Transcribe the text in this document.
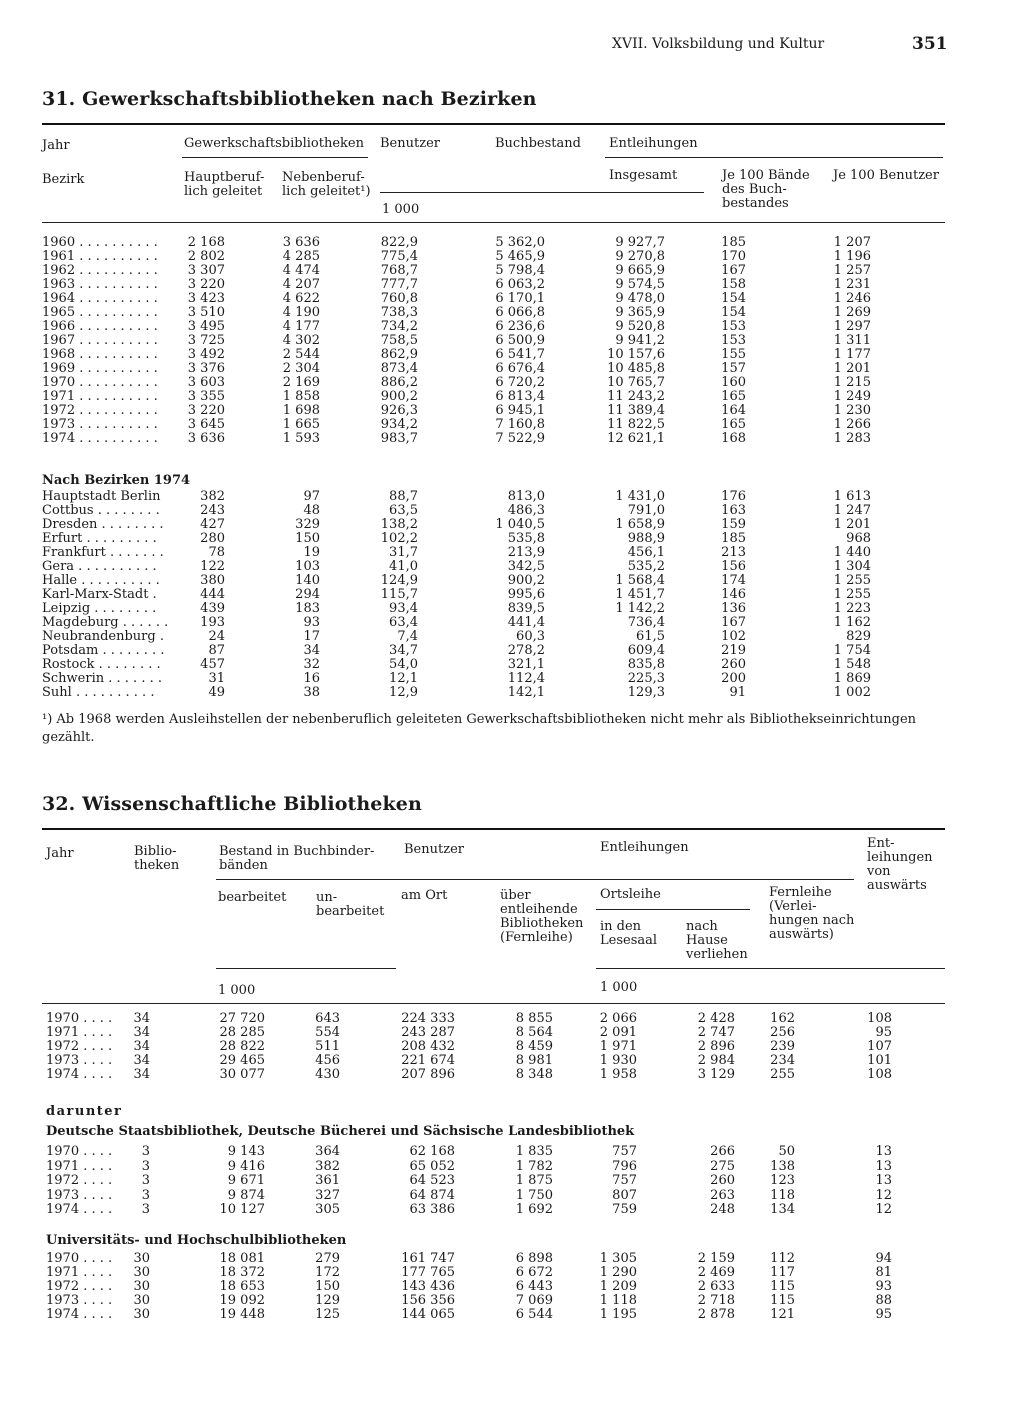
XVII. Volksbildung und Kultur	351
31. Gewerkschaftsbibliotheken nach Bezirken
Jahr
Bezirk
Gewerkschaftsbibliotheken
Hauptberuf-
lich geleitet
Nebenberuf-
lich geleitet¹)
Benutzer	Buchbestand Entleihungen
Insgesamt	Je 100 Bände
des Buch-
bestandes
Je 100 Benutzer
1 000
1960 . . . . . . . . . . 2 168	3 636	822,9	5 362,0	9 927,7	185	1 207
1961 . . . . . . . . . . 2 802	4 285	775,4	5 465,9	9 270,8	170	1 196
1962 . . . . . . . . . . 3 307	4 474	768,7	5 798,4	9 665,9	167	1 257
1963 . . . . . . . . . . 3 220	4 207	777,7	6 063,2	9 574,5	158	1 231
1964 . . . . . . . . . . 3 423	4 622	760,8	6 170,1	9 478,0	154	1 246
1965 . . . . . . . . . . 3 510	4 190	738,3	6 066,8	9 365,9	154	1 269
1966 . . . . . . . . . . 3 495	4 177	734,2	6 236,6	9 520,8	153	1 297
1967 . . . . . . . . . . 3 725	4 302	758,5	6 500,9	9 941,2	153	1 311
1968 . . . . . . . . . . 3 492	2 544	862,9	6 541,7	10 157,6	155	1 177
1969 . . . . . . . . . . 3 376	2 304	873,4	6 676,4	10 485,8	157	1 201
1970 . . . . . . . . . . 3 603	2 169	886,2	6 720,2	10 765,7	160	1 215
1971 . . . . . . . . . . 3 355	1 858	900,2	6 813,4	11 243,2	165	1 249
1972 . . . . . . . . . . 3 220	1 698	926,3	6 945,1	11 389,4	164	1 230
1973 . . . . . . . . . . 3 645	1 665	934,2	7 160,8	11 822,5	165	1 266
1974 . . . . . . . . . . 3 636	1 593	983,7	7 522,9	12 621,1	168	1 283
Nach Bezirken 1974
Hauptstadt Berlin	382	97	88,7	813,0	1 431,0	176	1 613
Cottbus . . . . . . . .	243	48	63,5	486,3	791,0	163	1 247
Dresden . . . . . . . .	427	329	138,2	1 040,5	1 658,9	159	1 201
Erfurt . . . . . . . . .	280	150	102,2	535,8	988,9	185	968
Frankfurt . . . . . . .	78	19	31,7	213,9	456,1	213	1 440
Gera . . . . . . . . . .	122	103	41,0	342,5	535,2	156	1 304
Halle . . . . . . . . . .	380	140	124,9	900,2	1 568,4	174	1 255
Karl-Marx-Stadt .	444	294	115,7	995,6	1 451,7	146	1 255
Leipzig . . . . . . . .	439	183	93,4	839,5	1 142,2	136	1 223
Magdeburg . . . . . . 193	93	63,4	441,4	736,4	167	1 162
Neubrandenburg .	24	17	7,4	60,3	61,5	102	829
Potsdam . . . . . . . .	87	34	34,7	278,2	609,4	219	1 754
Rostock . . . . . . . .	457	32	54,0	321,1	835,8	260	1 548
Schwerin . . . . . . .	31	16	12,1	112,4	225,3	200	1 869
Suhl . . . . . . . . . .	49	38	12,9	142,1	129,3	91	1 002
¹) Ab 1968 werden Ausleihstellen der nebenberuflich geleiteten Gewerkschaftsbibliotheken nicht mehr als Bibliothekseinrichtungen gezählt.
32. Wissenschaftliche Bibliotheken
Jahr	Biblio-
theken
Bestand in Buchbinder-
bänden
Benutzer	Entleihungen	Ent-
leihungen
von
auswärts
bearbeitet un-
bearbeitet
am Ort	über
entleihende
Bibliotheken
(Fernleihe)
Ortsleihe
in den
Lesesaal
nach
Hause
verliehen
Fernleihe
(Verlei-
hungen nach
auswärts)
1 000	1 000
1970 . . . . 34	27 720	643	224 333	8 855	2 066	2 428	162	108
1971 . . . . 34	28 285	554	243 287	8 564	2 091	2 747	256	95
1972 . . . . 34	28 822	511	208 432	8 459	1 971	2 896	239	107
1973 . . . . 34	29 465	456	221 674	8 981	1 930	2 984	234	101
1974 . . . . 34	30 077	430	207 896	8 348	1 958	3 129	255	108
darunter
Deutsche Staatsbibliothek, Deutsche Bücherei und Sächsische Landesbibliothek
1970 . . . . 3	9 143	364	62 168	1 835	757	266	50	13
1971 . . . . 3	9 416	382	65 052	1 782	796	275	138	13
1972 . . . . 3	9 671	361	64 523	1 875	757	260	123	13
1973 . . . . 3	9 874	327	64 874	1 750	807	263	118	12
1974 . . . . 3	10 127	305	63 386	1 692	759	248	134	12
Universitäts- und Hochschulbibliotheken
1970 . . . . 30	18 081	279	161 747	6 898	1 305	2 159	112	94
1971 . . . . 30	18 372	172	177 765	6 672	1 290	2 469	117	81
1972 . . . . 30	18 653	150	143 436	6 443	1 209	2 633	115	93
1973 . . . . 30	19 092	129	156 356	7 069	1 118	2 718	115	88
1974 . . . . 30	19 448	125	144 065	6 544	1 195	2 878	121	95
